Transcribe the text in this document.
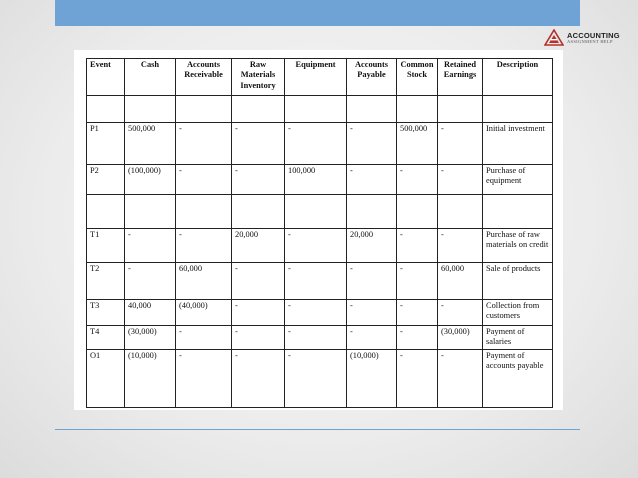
ACCOUNTING
ASSIGNMENT HELP
Event	Cash	Accounts Receivable	Raw Materials Inventory	Equipment	Accounts Payable	Common Stock	Retained Earnings	Description

P1	500,000	-	-	-	-	500,000	-	Initial investment
P2	(100,000)	-	-	100,000	-	-	-	Purchase of equipment

T1	-	-	20,000	-	20,000	-	-	Purchase of raw materials on credit
T2	-	60,000	-	-	-	-	60,000	Sale of products
T3	40,000	(40,000)	-	-	-	-	-	Collection from customers
T4	(30,000)	-	-	-	-	-	(30,000)	Payment of salaries
O1	(10,000)	-	-	-	(10,000)	-	-	Payment of accounts payable
